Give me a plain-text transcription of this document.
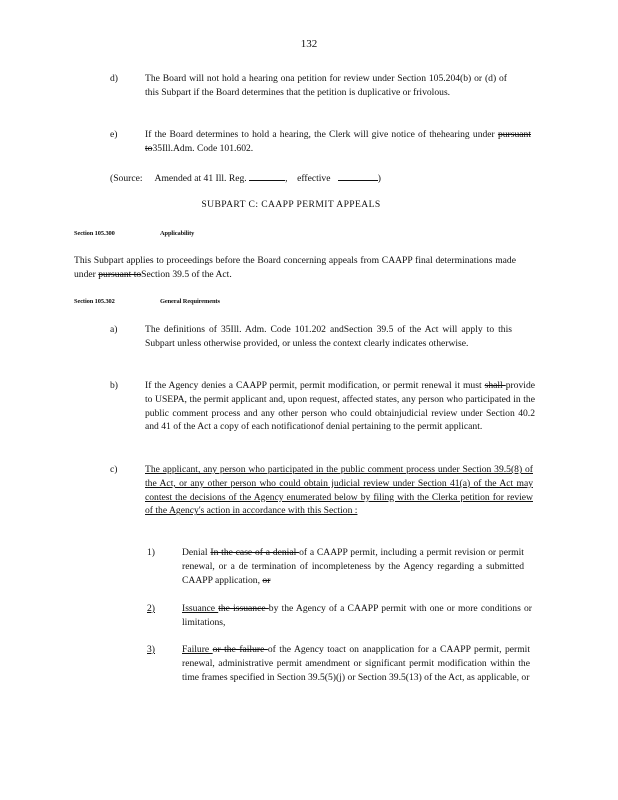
132
d)	The Board will not hold a hearing ona petition for review under Section 105.204(b) or (d) of this Subpart if the Board determines that the petition is duplicative or frivolous.
e)	If the Board determines to hold a hearing, the Clerk will give notice of thehearing under pursuant to35Ill.Adm. Code 101.602.
(Source: Amended at 41 Ill. Reg.	, effective	)
SUBPART C: CAAPP PERMIT APPEALS
Section 105.300	Applicability
This Subpart applies to proceedings before the Board concerning appeals from CAAPP final determinations made under pursuant toSection 39.5 of the Act.
Section 105.302	General Requirements
a)	The definitions of 35Ill. Adm. Code 101.202 andSection 39.5 of the Act will apply to this Subpart unless otherwise provided, or unless the context clearly indicates otherwise.
b)	If the Agency denies a CAAPP permit, permit modification, or permit renewal it must shall provide to USEPA, the permit applicant and, upon request, affected states, any person who participated in the public comment process and any other person who could obtainjudicial review under Section 40.2 and 41 of the Act a copy of each notificationof denial pertaining to the permit applicant.
c)	The applicant, any person who participated in the public comment process under Section 39.5(8) of the Act, or any other person who could obtain judicial review under Section 41(a) of the Act may contest the decisions of the Agency enumerated below by filing with the Clerka petition for review of the Agency's action in accordance with this Section :
1)	Denial In the case of a denial of a CAAPP permit, including a permit revision or permit renewal, or a de termination of incompleteness by the Agency regarding a submitted CAAPP application, or
2)	Issuance the issuance by the Agency of a CAAPP permit with one or more conditions or limitations,
3)	Failure or the failure of the Agency toact on anapplication for a CAAPP permit, permit renewal, administrative permit amendment or significant permit modification within the time frames specified in Section 39.5(5)(j) or Section 39.5(13) of the Act, as applicable, or
